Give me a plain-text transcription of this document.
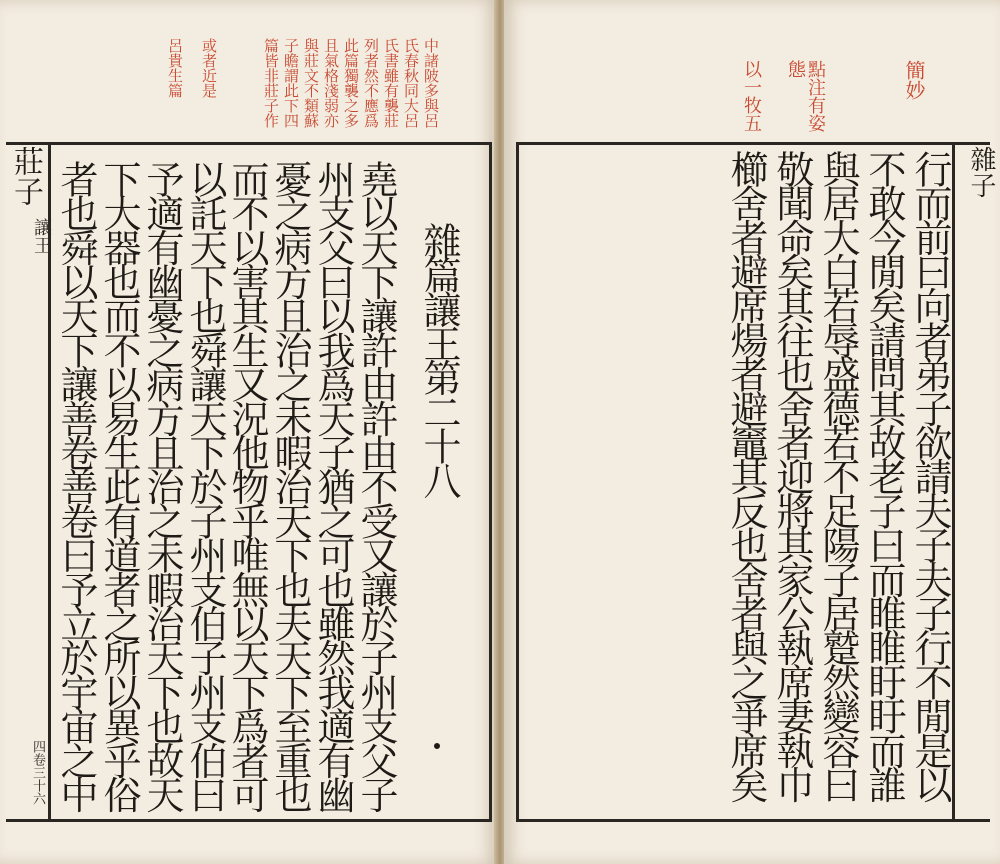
中諸陂多與呂
氏春秋同大呂
氏書雖有襲莊
列者然不應爲
此篇獨襲之多
且氣格淺弱亦
與莊文不類蘇
子瞻謂此下四
篇皆非莊子作
或者近是
呂貴生篇
莊子
讓王
四卷三十六
雜篇讓王第二十八
堯以天下讓許由許由不受又讓於子州支父子
州支父曰以我爲天子猶之可也雖然我適有幽
憂之病方且治之未暇治天下也夫天下至重也
而不以害其生又況他物乎唯無以天下爲者可
以託天下也舜讓天下於子州支伯子州支伯曰
予適有幽憂之病方且治之未暇治天下也故天
下大器也而不以易生此有道者之所以異乎俗
簡妙
點注有姿
態
以一牧五
雜子
行而前曰向者弟子欲請夫子夫子行不閒是以
不敢今閒矣請問其故老子曰而睢睢盱盱而誰
與居大白若辱盛德若不足陽子居蹵然變容曰
敬聞命矣其往也舍者迎將其家公執席妻執巾
櫛舍者避席煬者避竈其反也舍者與之爭席矣
者也舜以天下讓善卷善卷曰予立於宇宙之中
